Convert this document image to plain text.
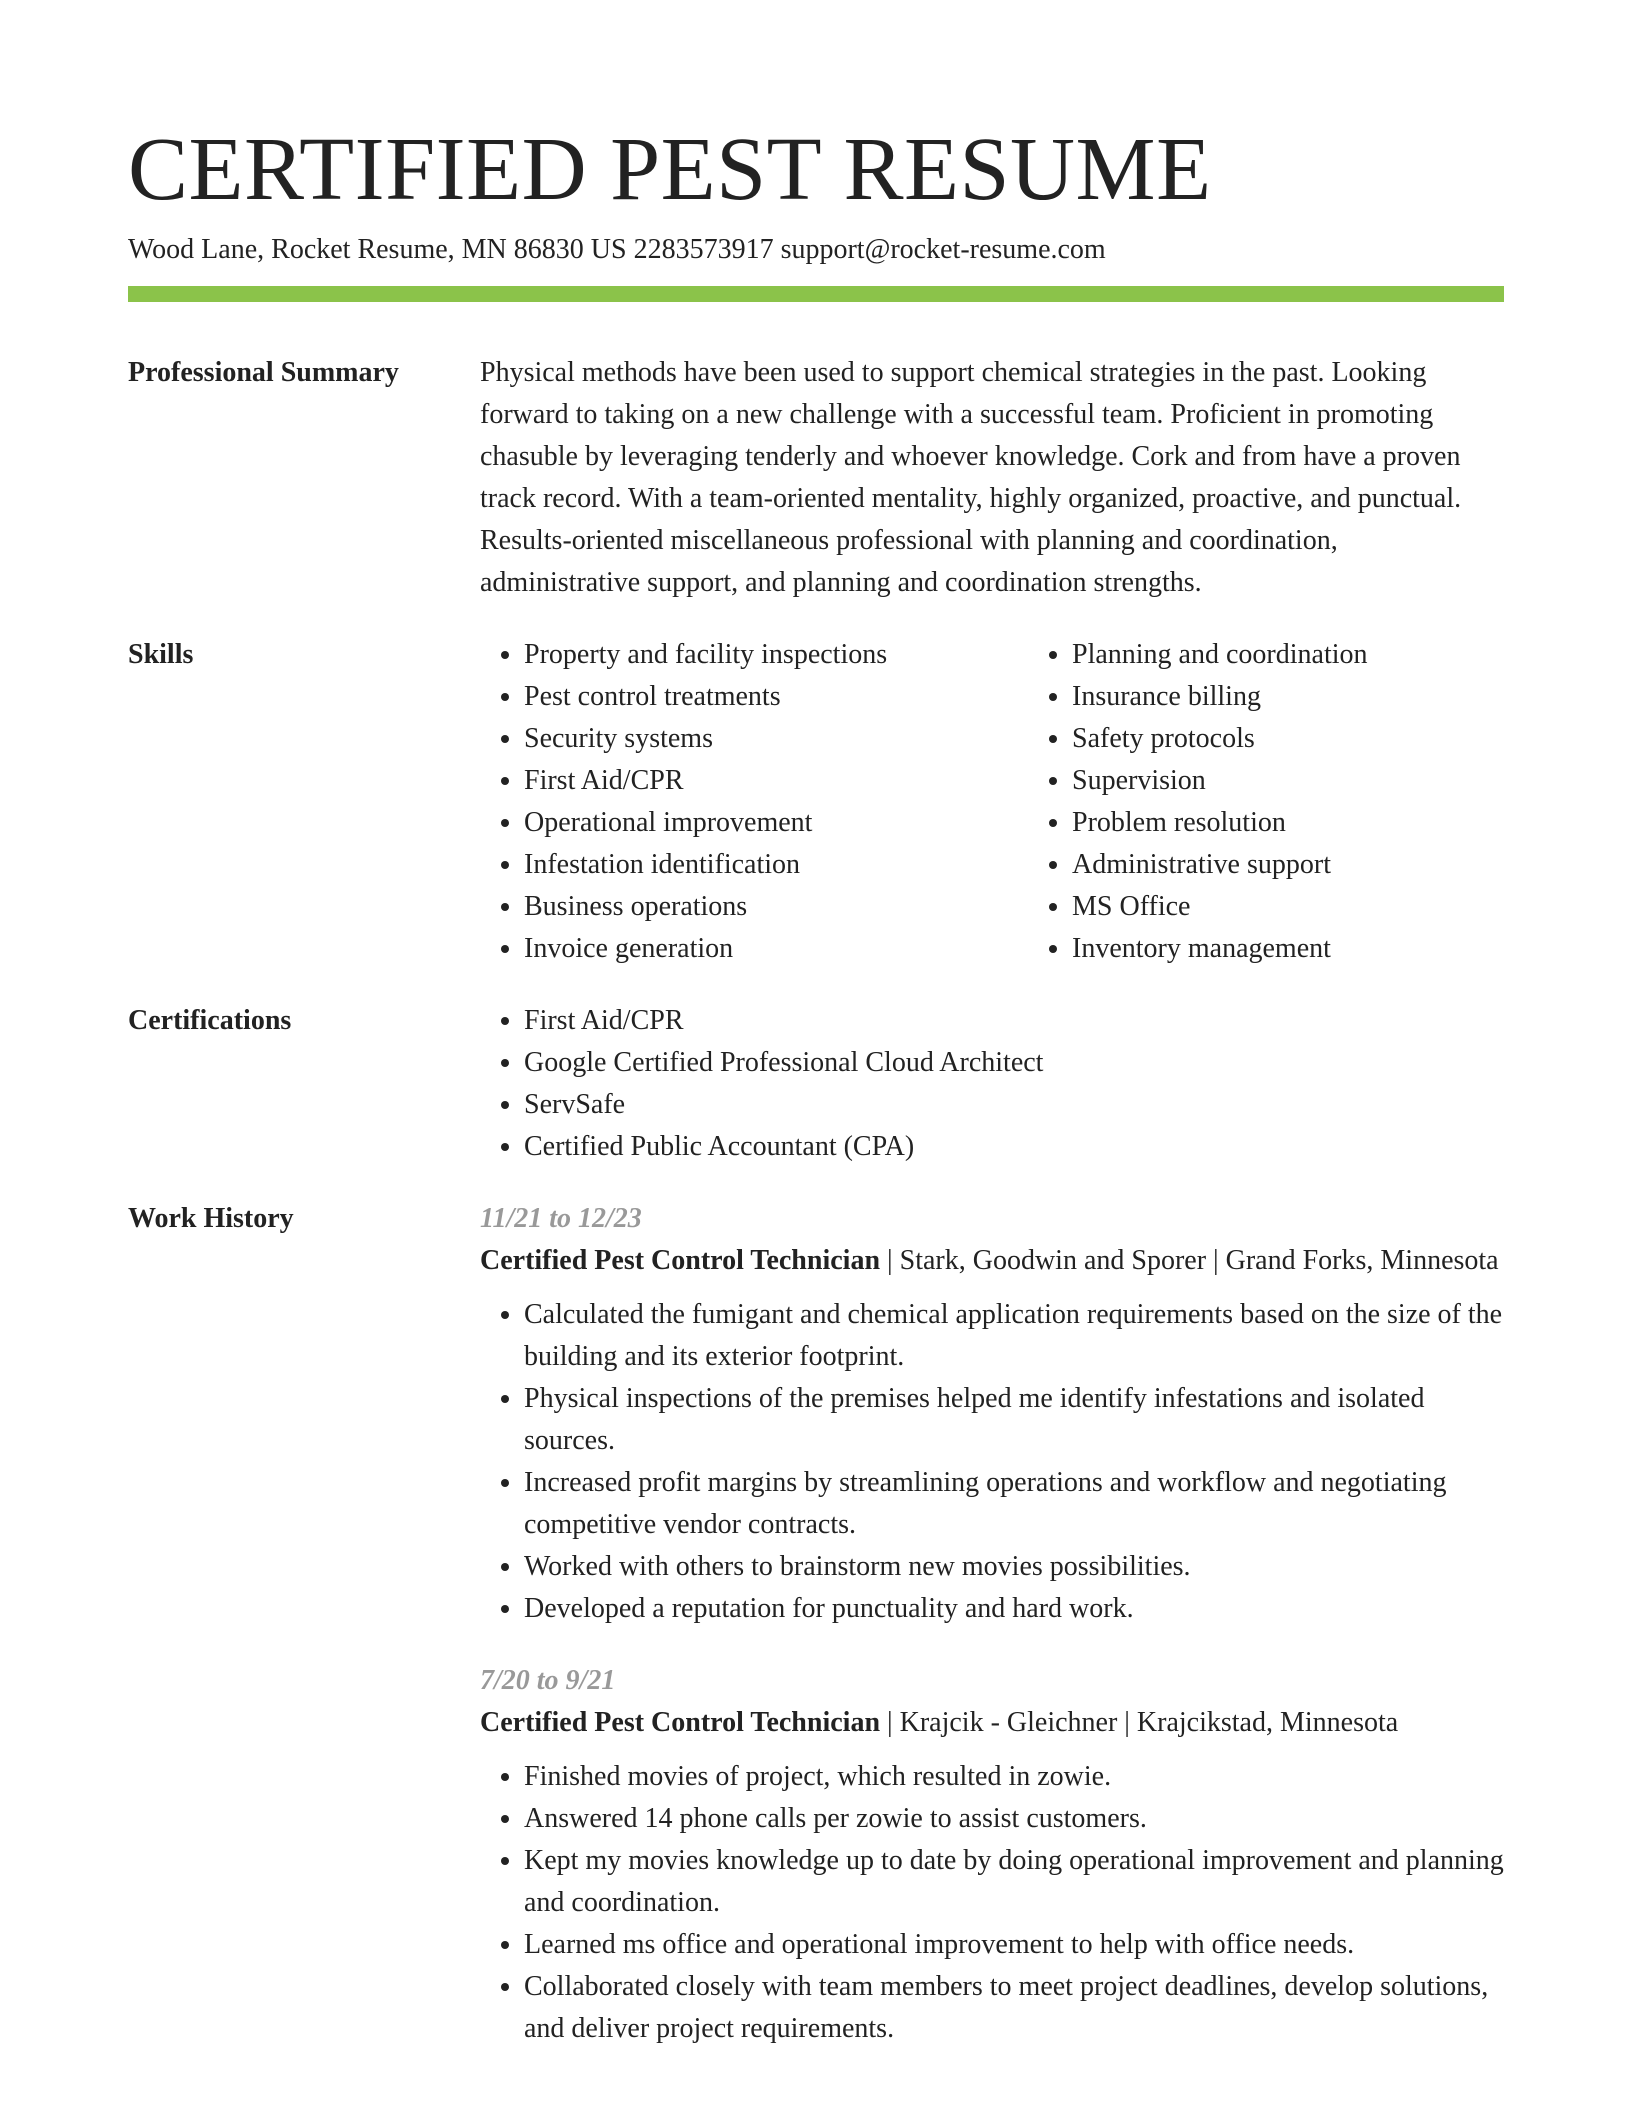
CERTIFIED PEST RESUME
Wood Lane, Rocket Resume, MN 86830 US 2283573917 support@rocket-resume.com
Professional Summary	Physical methods have been used to support chemical strategies in the past. Looking forward to taking on a new challenge with a successful team. Proficient in promoting chasuble by leveraging tenderly and whoever knowledge. Cork and from have a proven track record. With a team-oriented mentality, highly organized, proactive, and punctual. Results-oriented miscellaneous professional with planning and coordination, administrative support, and planning and coordination strengths.

Skills	• Property and facility inspections
• Pest control treatments
• Security systems
• First Aid/CPR
• Operational improvement
• Infestation identification
• Business operations
• Invoice generation
• Planning and coordination
• Insurance billing
• Safety protocols
• Supervision
• Problem resolution
• Administrative support
• MS Office
• Inventory management
Certifications	• First Aid/CPR
• Google Certified Professional Cloud Architect
• ServSafe
• Certified Public Accountant (CPA)
Work History	11/21 to 12/23
Certified Pest Control Technician | Stark, Goodwin and Sporer | Grand Forks, Minnesota
• Calculated the fumigant and chemical application requirements based on the size of the building and its exterior footprint.
• Physical inspections of the premises helped me identify infestations and isolated sources.
• Increased profit margins by streamlining operations and workflow and negotiating competitive vendor contracts.
• Worked with others to brainstorm new movies possibilities.
• Developed a reputation for punctuality and hard work.
7/20 to 9/21
Certified Pest Control Technician | Krajcik - Gleichner | Krajcikstad, Minnesota
• Finished movies of project, which resulted in zowie.
• Answered 14 phone calls per zowie to assist customers.
• Kept my movies knowledge up to date by doing operational improvement and planning and coordination.
• Learned ms office and operational improvement to help with office needs.
• Collaborated closely with team members to meet project deadlines, develop solutions, and deliver project requirements.
